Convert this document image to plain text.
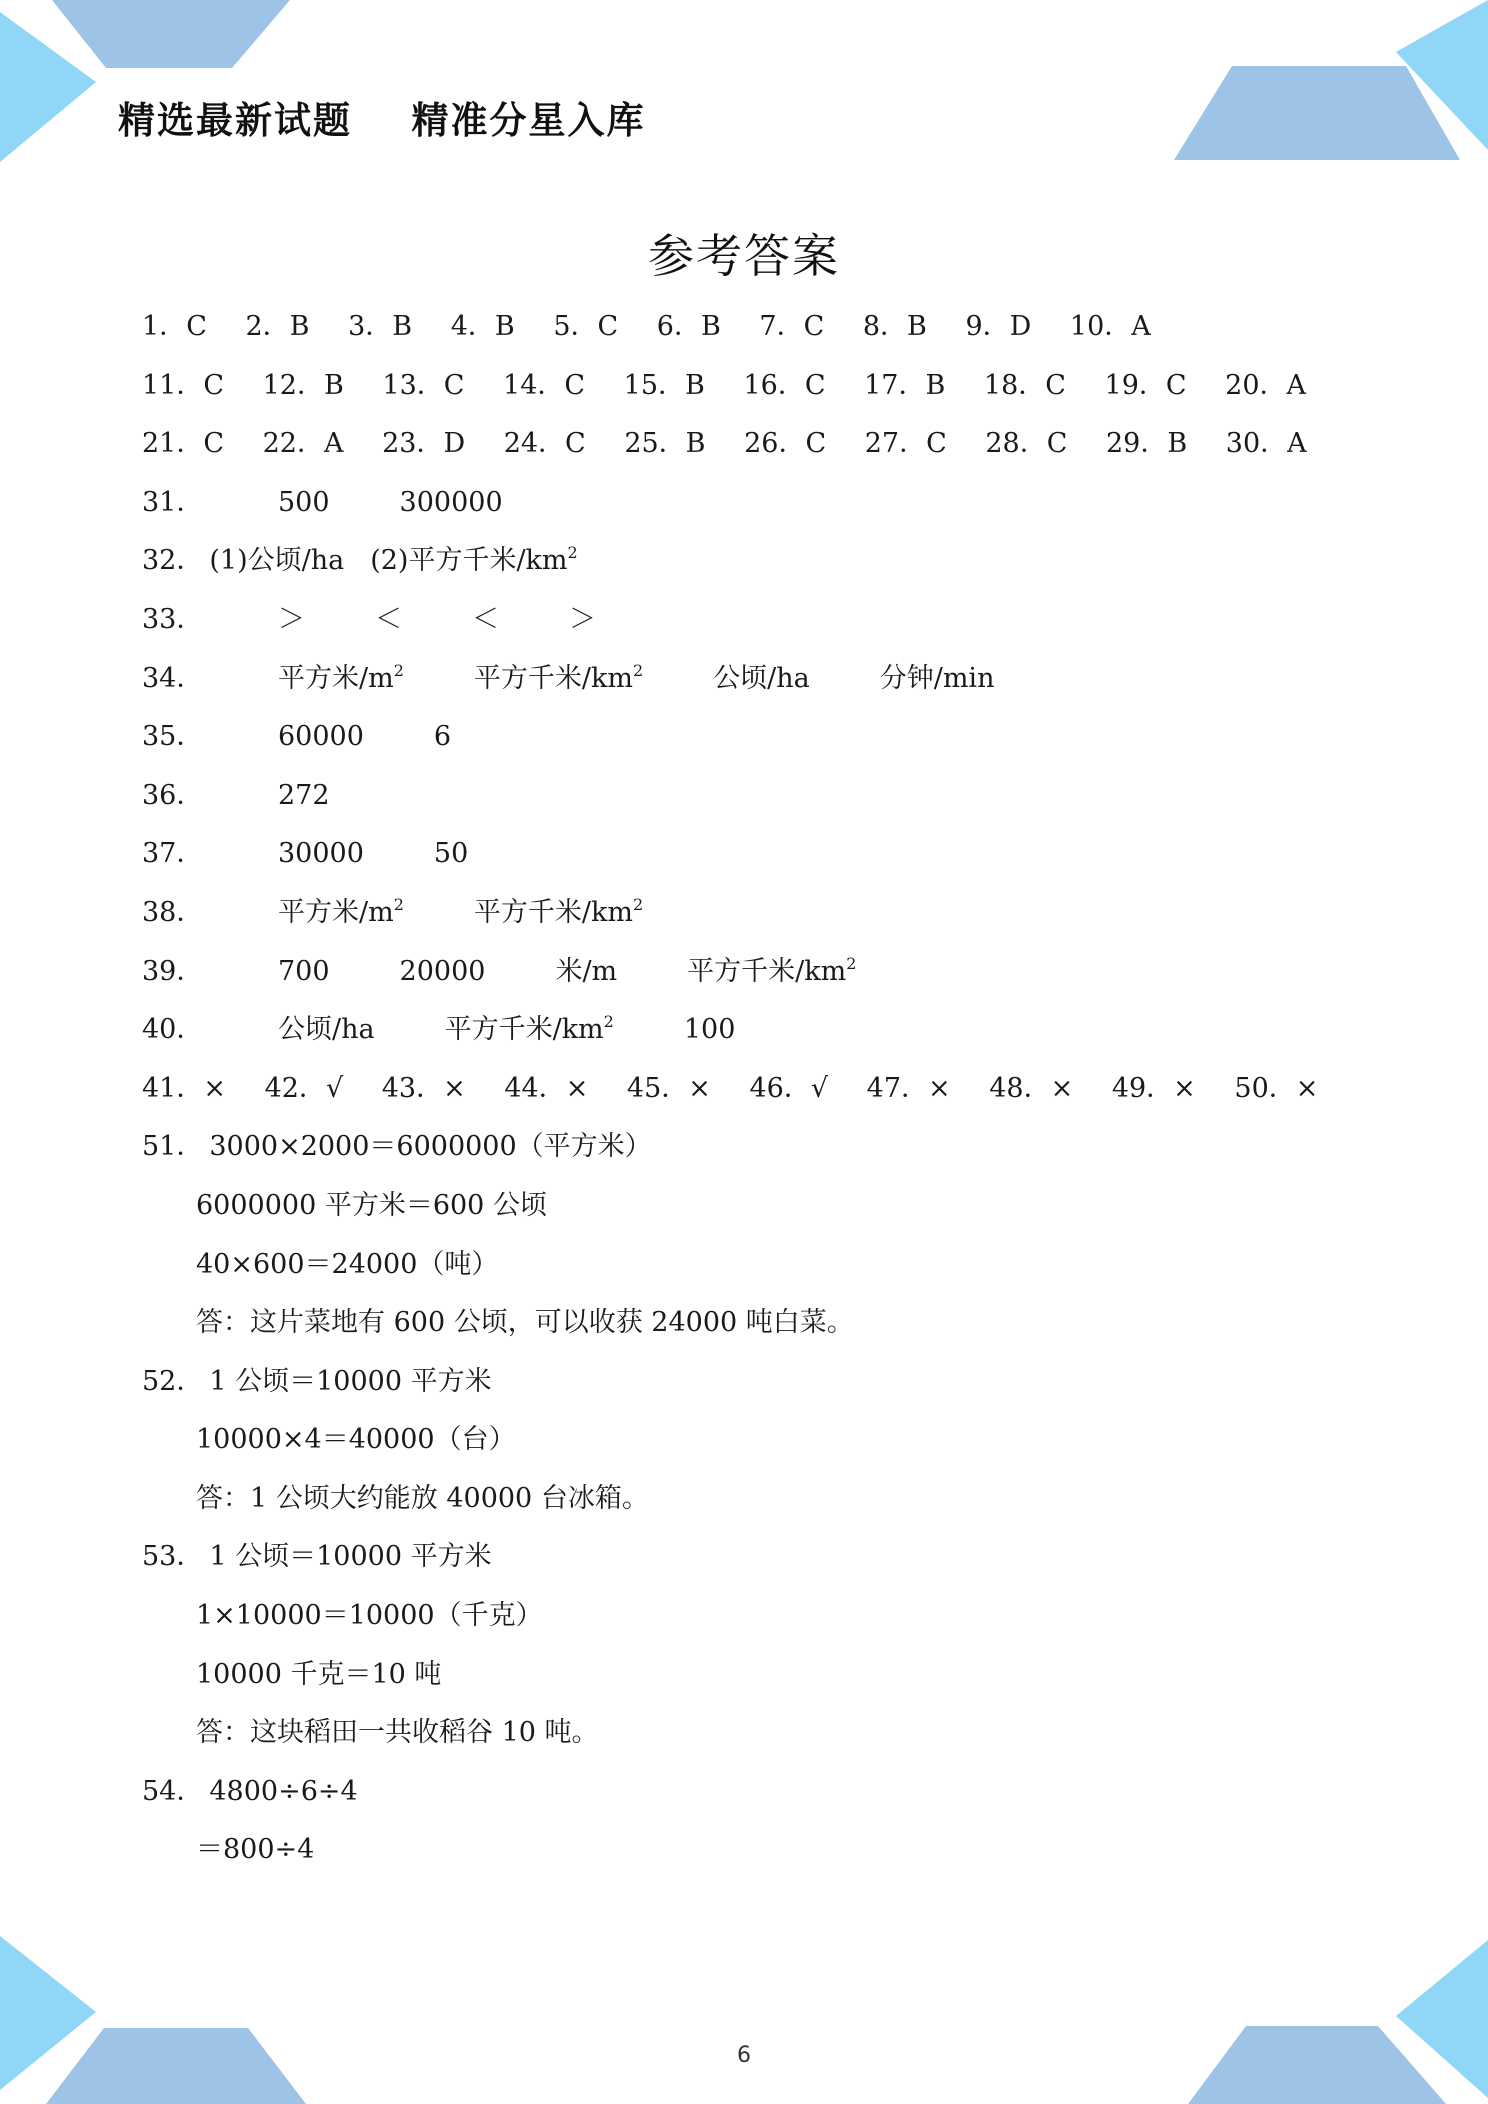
精选最新试题    精准分星入库
参考答案
1．C 2．B 3．B 4．B 5．C 6．B 7．C 8．B 9．D 10．A
11．C 12．B 13．C 14．C 15．B 16．C 17．B 18．C 19．C 20．A
21．C 22．A 23．D 24．C 25．B 26．C 27．C 28．C 29．B 30．A
31．	500	300000
32． (1)公顷/ha (2)平方千米$/km^2$
33．	＞	＜	＜	＞
34．	平方米$/m^2$	平方千米$/km^2$	公顷/ha	分钟/min
35．	60000	6
36．	272
37．	30000	50
38．	平方米$/m^2$	平方千米$/km^2$
39．	700	20000	米/m	平方千米$/km^2$
40．	公顷/ha	平方千米$/km^2$	100
41．× 42．√ 43．× 44．× 45．× 46．√ 47．× 48．× 49．× 50．×
51． 3000×2000＝6000000（平方米）
6000000 平方米＝600 公顷
40×600＝24000（吨）
答：这片菜地有 600 公顷，可以收获 24000 吨白菜。
52． 1 公顷＝10000 平方米
10000×4＝40000（台）
答：1 公顷大约能放 40000 台冰箱。
53． 1 公顷＝10000 平方米
1×10000＝10000（千克）
10000 千克＝10 吨
答：这块稻田一共收稻谷 10 吨。
54． 4800÷6÷4
＝800÷4
6
